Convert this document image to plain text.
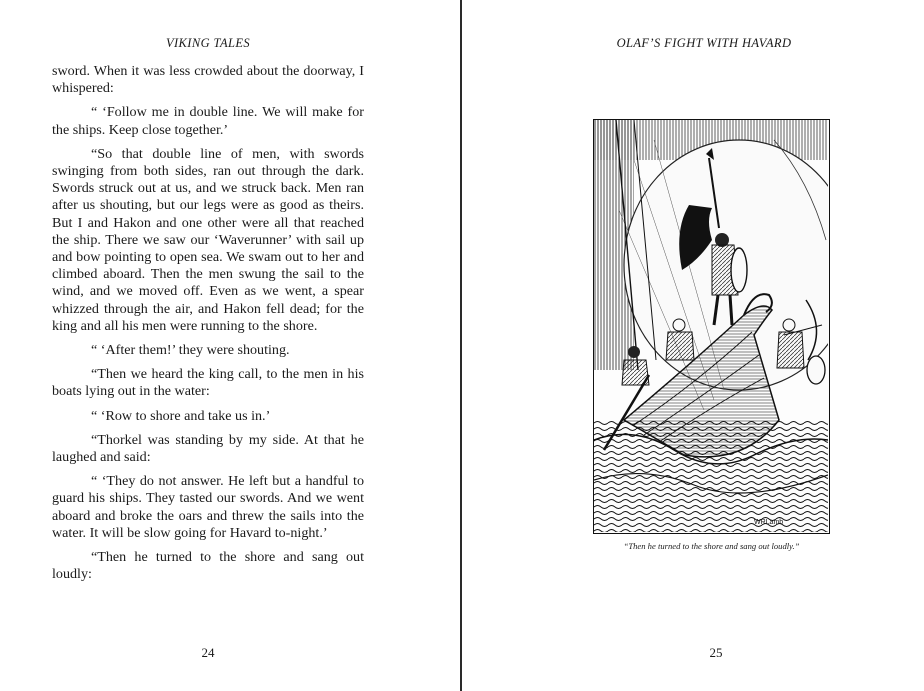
VIKING TALES

sword. When it was less crowded about the doorway, I whispered:

“ ‘Follow me in double line. We will make for the ships. Keep close together.’

“So that double line of men, with swords swinging from both sides, ran out through the dark. Swords struck out at us, and we struck back. Men ran after us shouting, but our legs were as good as theirs. But I and Hakon and one other were all that reached the ship. There we saw our ‘Waverunner’ with sail up and bow pointing to open sea. We swam out to her and climbed aboard. Then the men swung the sail to the wind, and we moved off. Even as we went, a spear whizzed through the air, and Hakon fell dead; for the king and all his men were running to the shore.

“ ‘After them!’ they were shouting.

“Then we heard the king call, to the men in his boats lying out in the water:

“ ‘Row to shore and take us in.’

“Thorkel was standing by my side. At that he laughed and said:

“ ‘They do not answer. He left but a handful to guard his ships. They tasted our swords. And we went aboard and broke the oars and threw the sails into the water. It will be slow going for Havard to-night.’

“Then he turned to the shore and sang out loudly:

24
OLAF’S FIGHT WITH HAVARD
WRLamb
“Then he turned to the shore and sang out loudly.”
25
